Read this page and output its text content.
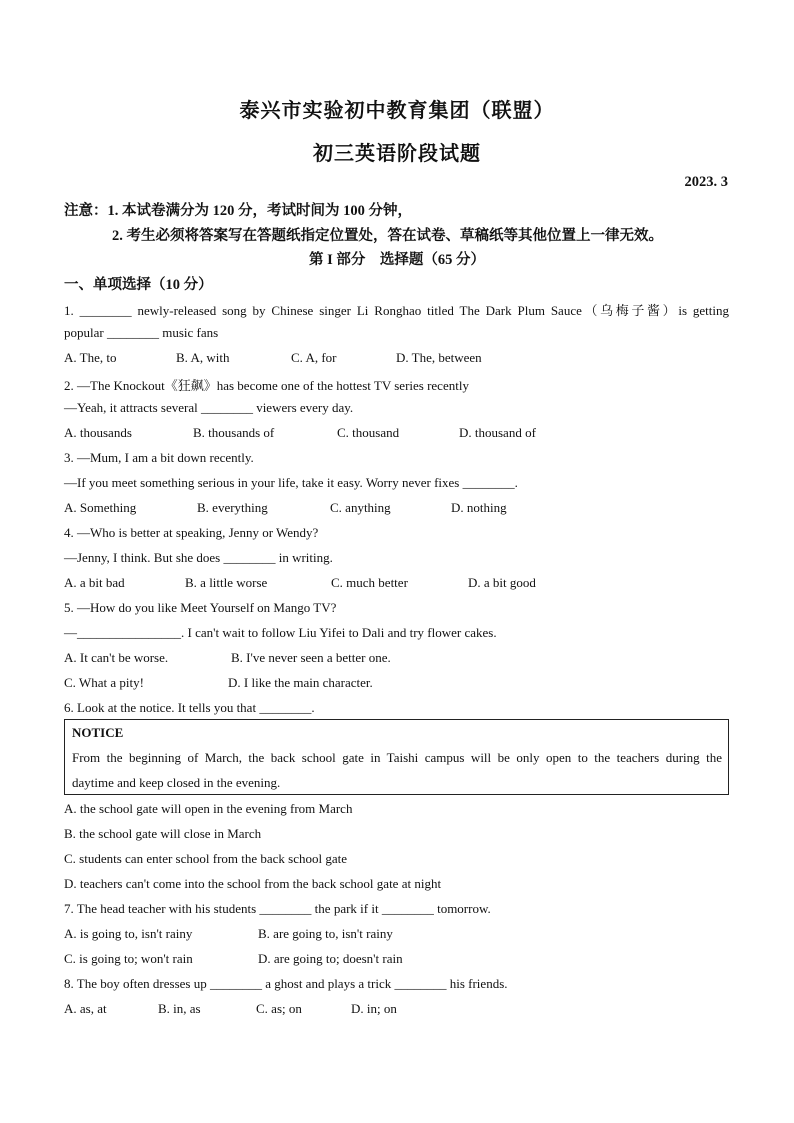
泰兴市实验初中教育集团（联盟）
初三英语阶段试题
2023. 3
注意：1. 本试卷满分为 120 分，考试时间为 100 分钟，
2. 考生必须将答案写在答题纸指定位置处，答在试卷、草稿纸等其他位置上一律无效。
第 I 部分　选择题（65 分）
一、单项选择（10 分）
1. ________ newly-released song by Chinese singer Li Ronghao titled The Dark Plum Sauce（乌梅子酱）is getting
popular ________ music fans
A. The, to	B. A, with	C. A, for	D. The, between
2. —The Knockout《狂飙》has become one of the hottest TV series recently
—Yeah, it attracts several ________ viewers every day.
A. thousands	B. thousands of	C. thousand	D. thousand of
3. —Mum, I am a bit down recently.
—If you meet something serious in your life, take it easy. Worry never fixes ________.
A. Something	B. everything	C. anything	D. nothing
4. —Who is better at speaking, Jenny or Wendy?
—Jenny, I think. But she does ________ in writing.
A. a bit bad	B. a little worse	C. much better	D. a bit good
5. —How do you like Meet Yourself on Mango TV?
—________________. I can't wait to follow Liu Yifei to Dali and try flower cakes.
A. It can't be worse.	B. I've never seen a better one.
C. What a pity!	D. I like the main character.
6. Look at the notice. It tells you that ________.
NOTICE
From the beginning of March, the back school gate in Taishi campus will be only open to the teachers during the
daytime and keep closed in the evening.
A. the school gate will open in the evening from March
B. the school gate will close in March
C. students can enter school from the back school gate
D. teachers can't come into the school from the back school gate at night
7. The head teacher with his students ________ the park if it ________ tomorrow.
A. is going to, isn't rainy	B. are going to, isn't rainy
C. is going to; won't rain	D. are going to; doesn't rain
8. The boy often dresses up ________ a ghost and plays a trick ________ his friends.
A. as, at	B. in, as	C. as; on	D. in; on
